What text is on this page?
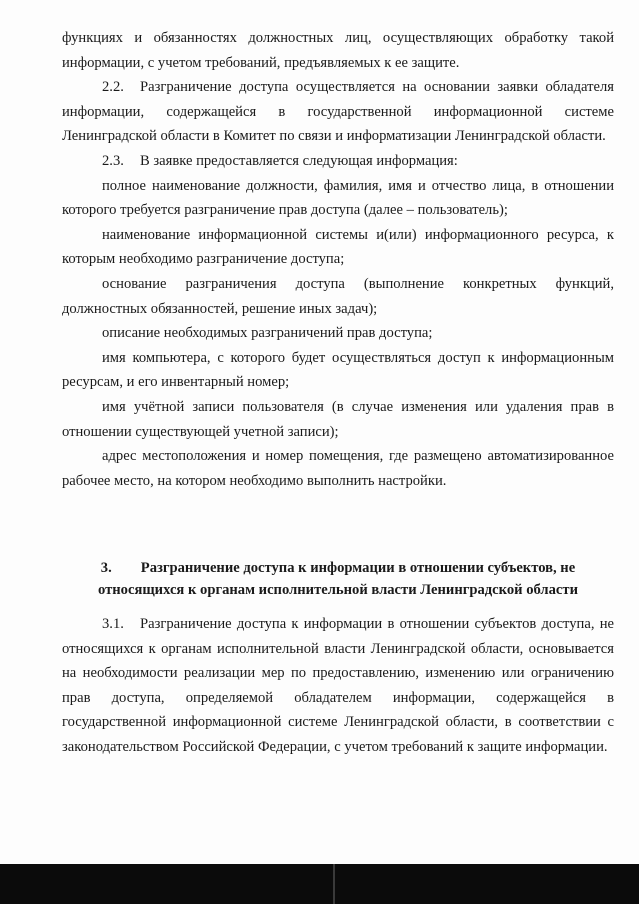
функциях и обязанностях должностных лиц, осуществляющих обработку такой информации, с учетом требований, предъявляемых к ее защите.

2.2. Разграничение доступа осуществляется на основании заявки обладателя информации, содержащейся в государственной информационной системе Ленинградской области в Комитет по связи и информатизации Ленинградской области.

2.3. В заявке предоставляется следующая информация:

полное наименование должности, фамилия, имя и отчество лица, в отношении которого требуется разграничение прав доступа (далее – пользователь);

наименование информационной системы и(или) информационного ресурса, к которым необходимо разграничение доступа;

основание разграничения доступа (выполнение конкретных функций, должностных обязанностей, решение иных задач);

описание необходимых разграничений прав доступа;

имя компьютера, с которого будет осуществляться доступ к информационным ресурсам, и его инвентарный номер;

имя учётной записи пользователя (в случае изменения или удаления прав в отношении существующей учетной записи);

адрес местоположения и номер помещения, где размещено автоматизированное рабочее место, на котором необходимо выполнить настройки.

3. Разграничение доступа к информации в отношении субъектов, не
относящихся к органам исполнительной власти Ленинградской области

3.1. Разграничение доступа к информации в отношении субъектов доступа, не относящихся к органам исполнительной власти Ленинградской области, основывается на необходимости реализации мер по предоставлению, изменению или ограничению прав доступа, определяемой обладателем информации, содержащейся в государственной информационной системе Ленинградской области, в соответствии с законодательством Российской Федерации, с учетом требований к защите информации.
